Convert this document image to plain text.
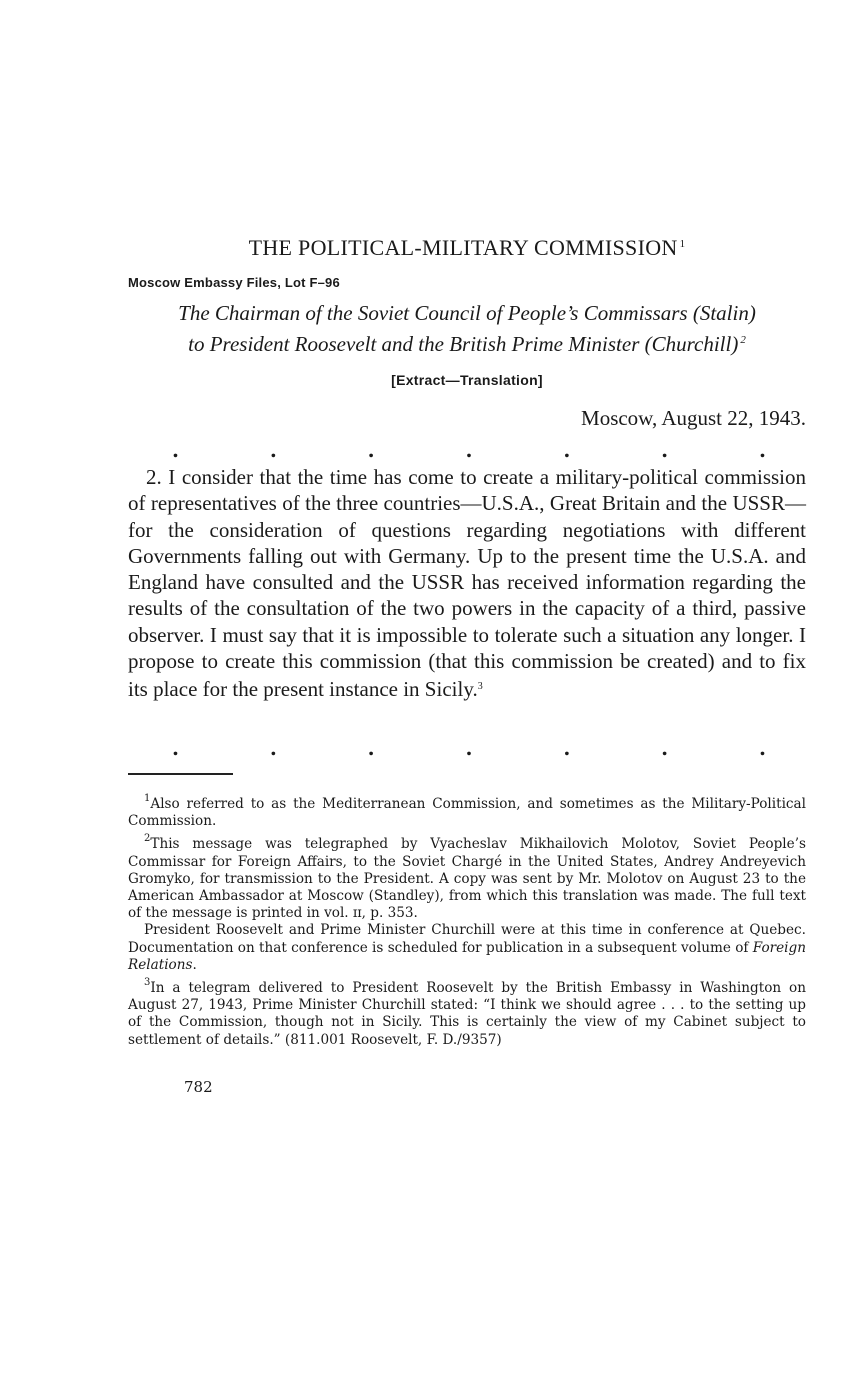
THE POLITICAL-MILITARY COMMISSION $^1$
Moscow Embassy Files, Lot F–96
The Chairman of the Soviet Council of People’s Commissars (Stalin)
to President Roosevelt and the British Prime Minister (Churchill) $^2$
[Extract—Translation]
Moscow, August 22, 1943.
.	.	.	.	.	.	.

2. I consider that the time has come to create a military-political commission of representatives of the three countries—U.S.A., Great Britain and the USSR—for the consideration of questions regarding negotiations with different Governments falling out with Germany. Up to the present time the U.S.A. and England have consulted and the USSR has received information regarding the results of the consultation of the two powers in the capacity of a third, passive observer. I must say that it is impossible to tolerate such a situation any longer. I propose to create this commission (that this commission be created) and to fix its place for the present instance in Sicily.$^3$

.	.	.	.	.	.	.

$^1$Also referred to as the Mediterranean Commission, and sometimes as the Military-Political Commission.

$^2$This message was telegraphed by Vyacheslav Mikhailovich Molotov, Soviet People’s Commissar for Foreign Affairs, to the Soviet Chargé in the United States, Andrey Andreyevich Gromyko, for transmission to the President. A copy was sent by Mr. Molotov on August 23 to the American Ambassador at Moscow (Standley), from which this translation was made. The full text of the message is printed in vol. ɪɪ, p. 353.

President Roosevelt and Prime Minister Churchill were at this time in conference at Quebec. Documentation on that conference is scheduled for publication in a subsequent volume of Foreign Relations.

$^3$In a telegram delivered to President Roosevelt by the British Embassy in Washington on August 27, 1943, Prime Minister Churchill stated: “I think we should agree . . . to the setting up of the Commission, though not in Sicily. This is certainly the view of my Cabinet subject to settlement of details.” (811.001 Roosevelt, F. D./9357)

782
